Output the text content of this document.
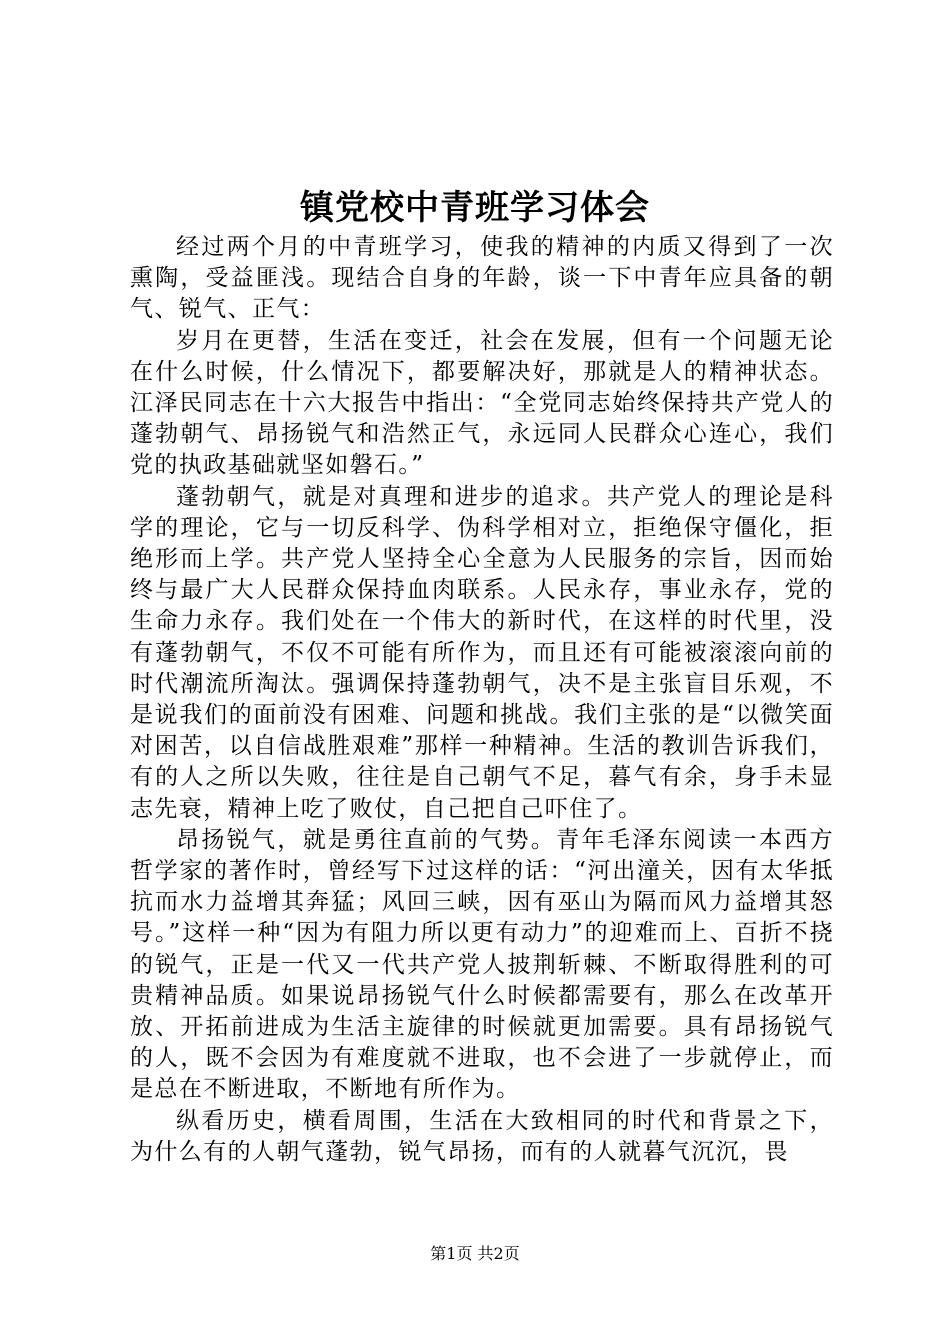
镇党校中青班学习体会

经过两个月的中青班学习，使我的精神的内质又得到了一次熏陶，受益匪浅。现结合自身的年龄，谈一下中青年应具备的朝气、锐气、正气：

岁月在更替，生活在变迁，社会在发展，但有一个问题无论在什么时候，什么情况下，都要解决好，那就是人的精神状态。江泽民同志在十六大报告中指出：“全党同志始终保持共产党人的蓬勃朝气、昂扬锐气和浩然正气，永远同人民群众心连心，我们党的执政基础就坚如磐石。”

蓬勃朝气，就是对真理和进步的追求。共产党人的理论是科学的理论，它与一切反科学、伪科学相对立，拒绝保守僵化，拒绝形而上学。共产党人坚持全心全意为人民服务的宗旨，因而始终与最广大人民群众保持血肉联系。人民永存，事业永存，党的生命力永存。我们处在一个伟大的新时代，在这样的时代里，没有蓬勃朝气，不仅不可能有所作为，而且还有可能被滚滚向前的时代潮流所淘汰。强调保持蓬勃朝气，决不是主张盲目乐观，不是说我们的面前没有困难、问题和挑战。我们主张的是“以微笑面对困苦，以自信战胜艰难”那样一种精神。生活的教训告诉我们，有的人之所以失败，往往是自己朝气不足，暮气有余，身手未显志先衰，精神上吃了败仗，自己把自己吓住了。

昂扬锐气，就是勇往直前的气势。青年毛泽东阅读一本西方哲学家的著作时，曾经写下过这样的话：“河出潼关，因有太华抵抗而水力益增其奔猛；风回三峡，因有巫山为隔而风力益增其怒号。”这样一种“因为有阻力所以更有动力”的迎难而上、百折不挠的锐气，正是一代又一代共产党人披荆斩棘、不断取得胜利的可贵精神品质。如果说昂扬锐气什么时候都需要有，那么在改革开放、开拓前进成为生活主旋律的时候就更加需要。具有昂扬锐气的人，既不会因为有难度就不进取，也不会进了一步就停止，而是总在不断进取，不断地有所作为。

纵看历史，横看周围，生活在大致相同的时代和背景之下，为什么有的人朝气蓬勃，锐气昂扬，而有的人就暮气沉沉，畏

第1页 共2页
